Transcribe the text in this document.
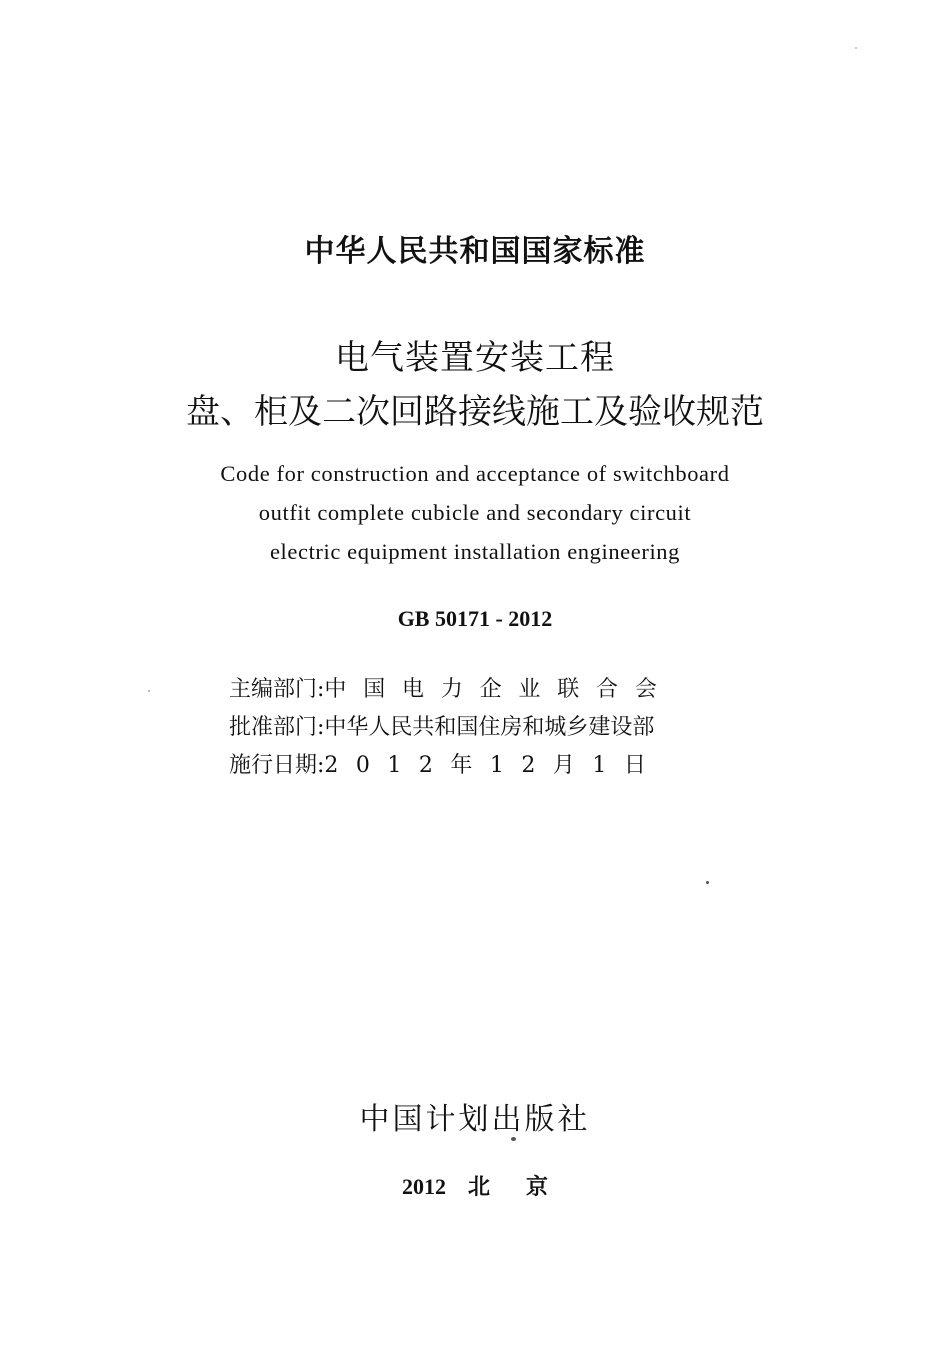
中华人民共和国国家标准
电气装置安装工程
盘、柜及二次回路接线施工及验收规范
Code for construction and acceptance of switchboard
outfit complete cubicle and secondary circuit
electric equipment installation engineering
GB 50171 - 2012
主编部门: 中国电力企业联合会
批准部门: 中华人民共和国住房和城乡建设部
施行日期: 2012年12月1日
中国计划出版社
2012 北 京
